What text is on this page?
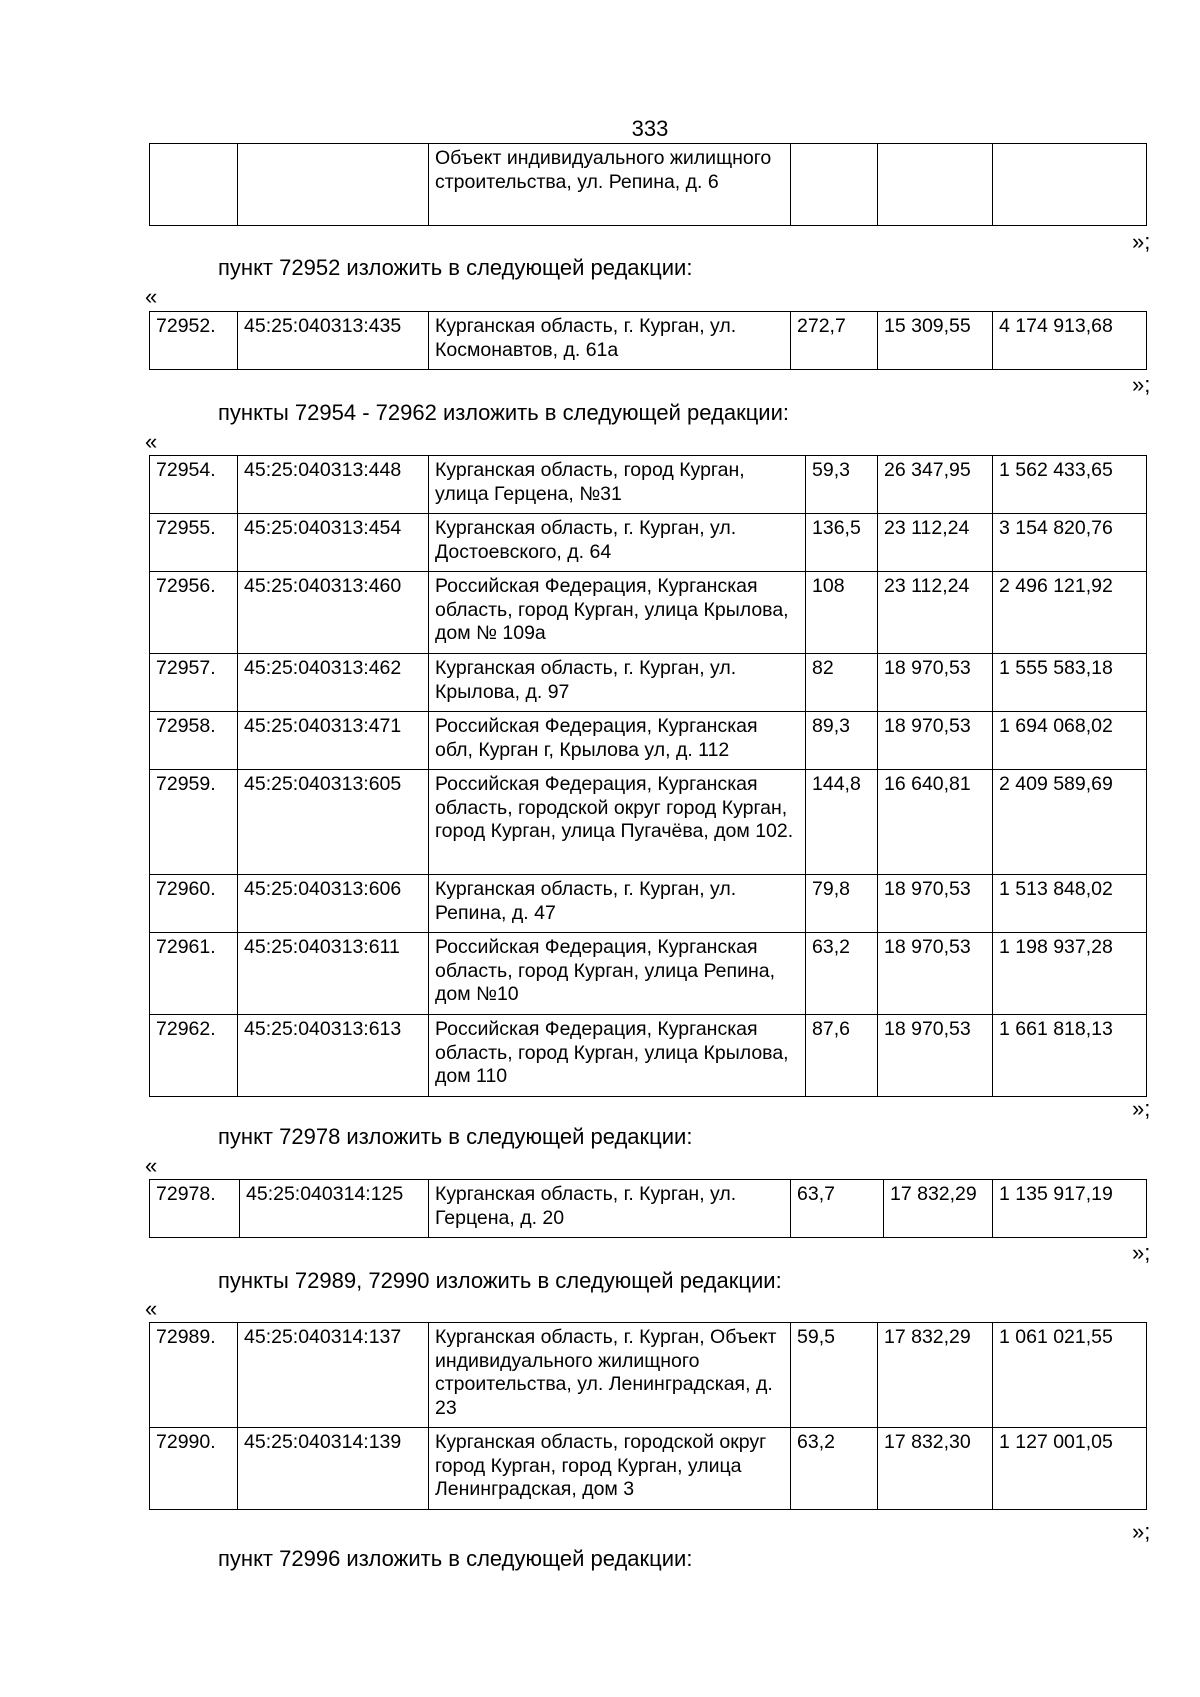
333
		Объект индивидуального жилищного строительства, ул. Репина, д. 6			
»;
пункт 72952 изложить в следующей редакции:
«
72952.	45:25:040313:435	Курганская область, г. Курган, ул. Космонавтов, д. 61а	272,7	15 309,55	4 174 913,68
»;
пункты 72954 - 72962 изложить в следующей редакции:
«
72954.	45:25:040313:448	Курганская область, город Курган, улица Герцена, №31	59,3	26 347,95	1 562 433,65
72955.	45:25:040313:454	Курганская область, г. Курган, ул. Достоевского, д. 64	136,5	23 112,24	3 154 820,76
72956.	45:25:040313:460	Российская Федерация, Курганская область, город Курган, улица Крылова, дом № 109а	108	23 112,24	2 496 121,92
72957.	45:25:040313:462	Курганская область, г. Курган, ул. Крылова, д. 97	82	18 970,53	1 555 583,18
72958.	45:25:040313:471	Российская Федерация, Курганская обл, Курган г, Крылова ул, д. 112	89,3	18 970,53	1 694 068,02
72959.	45:25:040313:605	Российская Федерация, Курганская область, городской округ город Курган, город Курган, улица Пугачёва, дом 102.	144,8	16 640,81	2 409 589,69
72960.	45:25:040313:606	Курганская область, г. Курган, ул. Репина, д. 47	79,8	18 970,53	1 513 848,02
72961.	45:25:040313:611	Российская Федерация, Курганская область, город Курган, улица Репина, дом №10	63,2	18 970,53	1 198 937,28
72962.	45:25:040313:613	Российская Федерация, Курганская область, город Курган, улица Крылова, дом 110	87,6	18 970,53	1 661 818,13
»;
пункт 72978 изложить в следующей редакции:
«
72978.	45:25:040314:125	Курганская область, г. Курган, ул. Герцена, д. 20	63,7	17 832,29	1 135 917,19
»;
пункты 72989, 72990 изложить в следующей редакции:
«
72989.	45:25:040314:137	Курганская область, г. Курган, Объект индивидуального жилищного строительства, ул. Ленинградская, д. 23	59,5	17 832,29	1 061 021,55
72990.	45:25:040314:139	Курганская область, городской округ город Курган, город Курган, улица Ленинградская, дом 3	63,2	17 832,30	1 127 001,05
»;
пункт 72996 изложить в следующей редакции:
